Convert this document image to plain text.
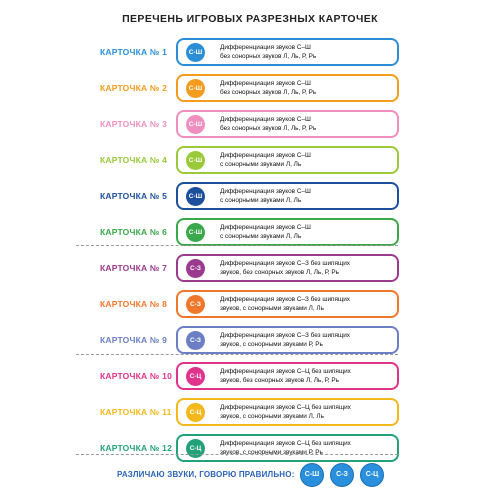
ПЕРЕЧЕНЬ ИГРОВЫХ РАЗРЕЗНЫХ КАРТОЧЕК
КАРТОЧКА № 1	С-Ш
Дифференциация звуков С–Ш
без сонорных звуков Л, Ль, Р, Рь
КАРТОЧКА № 2	С-Ш
Дифференциация звуков С–Ш
без сонорных звуков Л, Ль, Р, Рь
КАРТОЧКА № 3	С-Ш
Дифференциация звуков С–Ш
без сонорных звуков Л, Ль, Р, Рь
КАРТОЧКА № 4	С-Ш
Дифференциация звуков С–Ш
с сонорными звуками Л, Ль
КАРТОЧКА № 5	С-Ш
Дифференциация звуков С–Ш
с сонорными звуками Л, Ль
КАРТОЧКА № 6	С-Ш
Дифференциация звуков С–Ш
с сонорными звуками Л, Ль
КАРТОЧКА № 7	С-З
Дифференциация звуков С–З без шипящих
звуков, без сонорных звуков Л, Ль, Р, Рь
КАРТОЧКА № 8	С-З
Дифференциация звуков С–З без шипящих
звуков, с сонорными звуками Л, Ль
КАРТОЧКА № 9	С-З
Дифференциация звуков С–З без шипящих
звуков, с сонорными звуками Р, Рь
КАРТОЧКА № 10	С-Ц
Дифференциация звуков С–Ц без шипящих
звуков, без сонорных звуков Л, Ль, Р, Рь
КАРТОЧКА № 11	С-Ц
Дифференциация звуков С–Ц без шипящих
звуков, с сонорными звуками Л, Ль
КАРТОЧКА № 12	С-Ц
Дифференциация звуков С–Ц без шипящих
звуков, с сонорными звуками Р, Рь
РАЗЛИЧАЮ ЗВУКИ, ГОВОРЮ ПРАВИЛЬНО:	С-Ш	С-З	С-Ц
